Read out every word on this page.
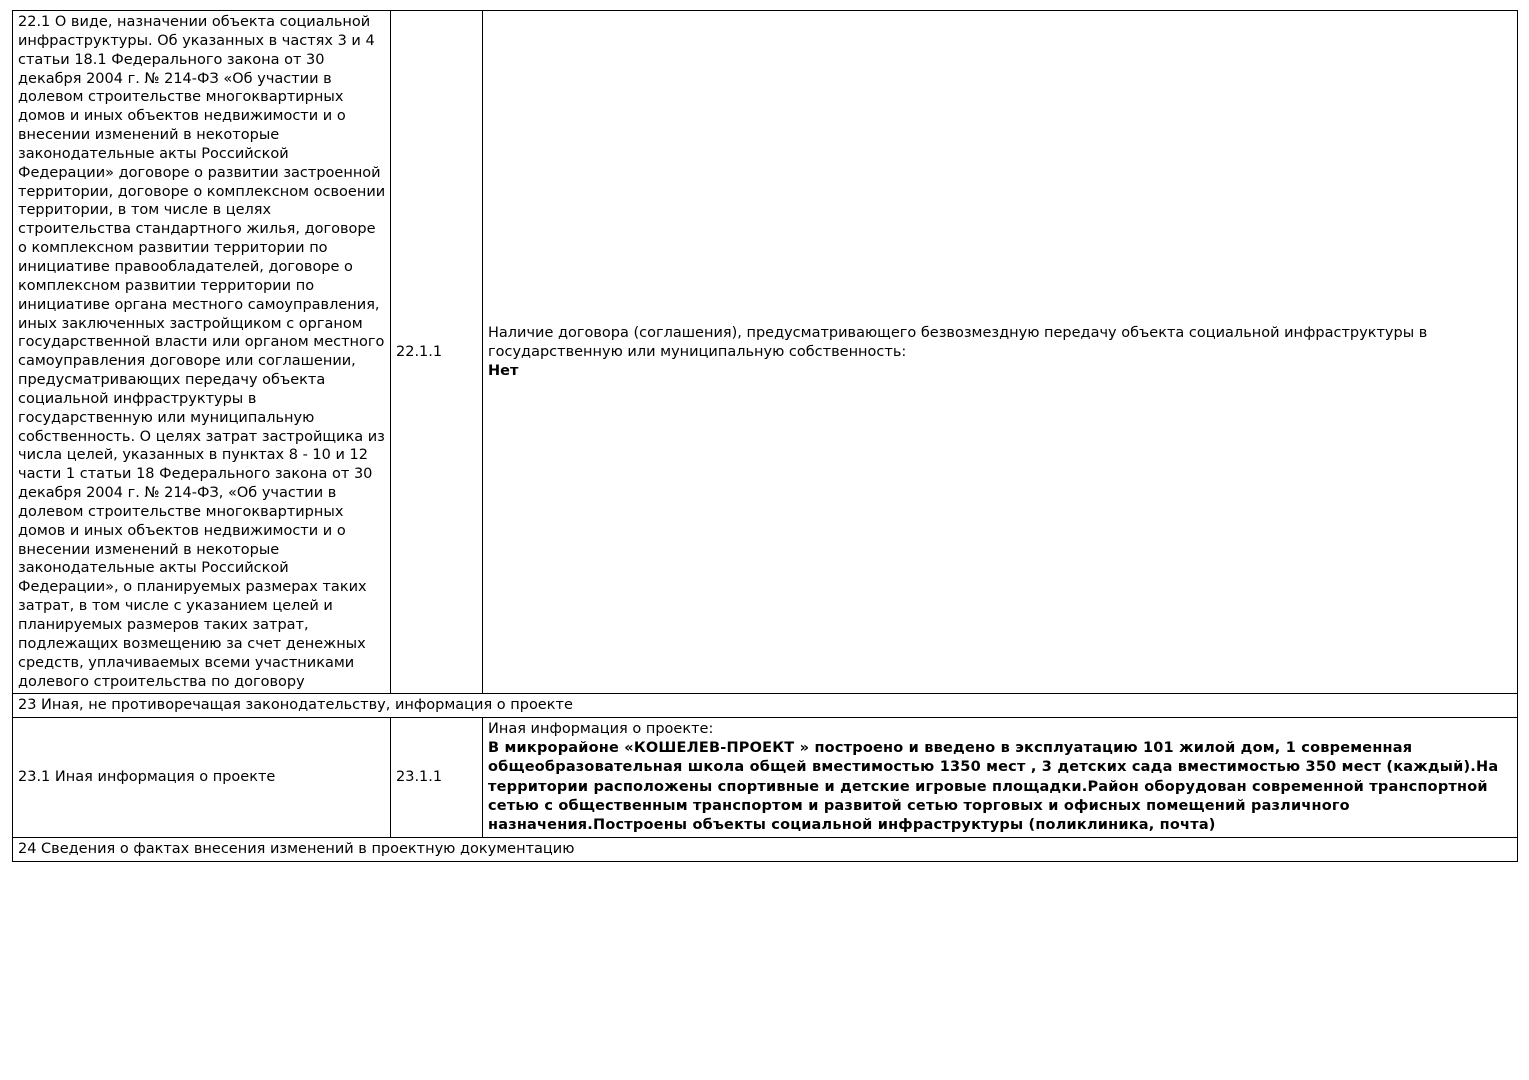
22.1 О виде, назначении объекта социальной инфраструктуры. Об указанных в частях 3 и 4 статьи 18.1 Федерального закона от 30 декабря 2004 г. № 214-ФЗ «Об участии в долевом строительстве многоквартирных домов и иных объектов недвижимости и о внесении изменений в некоторые законодательные акты Российской Федерации» договоре о развитии застроенной территории, договоре о комплексном освоении территории, в том числе в целях строительства стандартного жилья, договоре о комплексном развитии территории по инициативе правообладателей, договоре о комплексном развитии территории по инициативе органа местного самоуправления, иных заключенных застройщиком с органом государственной власти или органом местного самоуправления договоре или соглашении, предусматривающих передачу объекта социальной инфраструктуры в государственную или муниципальную собственность. О целях затрат застройщика из числа целей, указанных в пунктах 8 - 10 и 12 части 1 статьи 18 Федерального закона от 30 декабря 2004 г. № 214-ФЗ, «Об участии в долевом строительстве многоквартирных домов и иных объектов недвижимости и о внесении изменений в некоторые законодательные акты Российской Федерации», о планируемых размерах таких затрат, в том числе с указанием целей и планируемых размеров таких затрат, подлежащих возмещению за счет денежных средств, уплачиваемых всеми участниками долевого строительства по договору	22.1.1	Наличие договора (соглашения), предусматривающего безвозмездную передачу объекта социальной инфраструктуры в государственную или муниципальную собственность:
Нет

23 Иная, не противоречащая законодательству, информация о проекте		

23.1 Иная информация о проекте	23.1.1	Иная информация о проекте:
В микрорайоне «КОШЕЛЕВ-ПРОЕКТ » построено и введено в эксплуатацию 101 жилой дом, 1 современная общеобразовательная школа общей вместимостью 1350 мест , 3 детских сада вместимостью 350 мест (каждый).На территории расположены спортивные и детские игровые площадки.Район оборудован современной транспортной сетью с общественным транспортом и развитой сетью торговых и офисных помещений различного назначения.Построены объекты социальной инфраструктуры (поликлиника, почта)

24 Сведения о фактах внесения изменений в проектную документацию		
